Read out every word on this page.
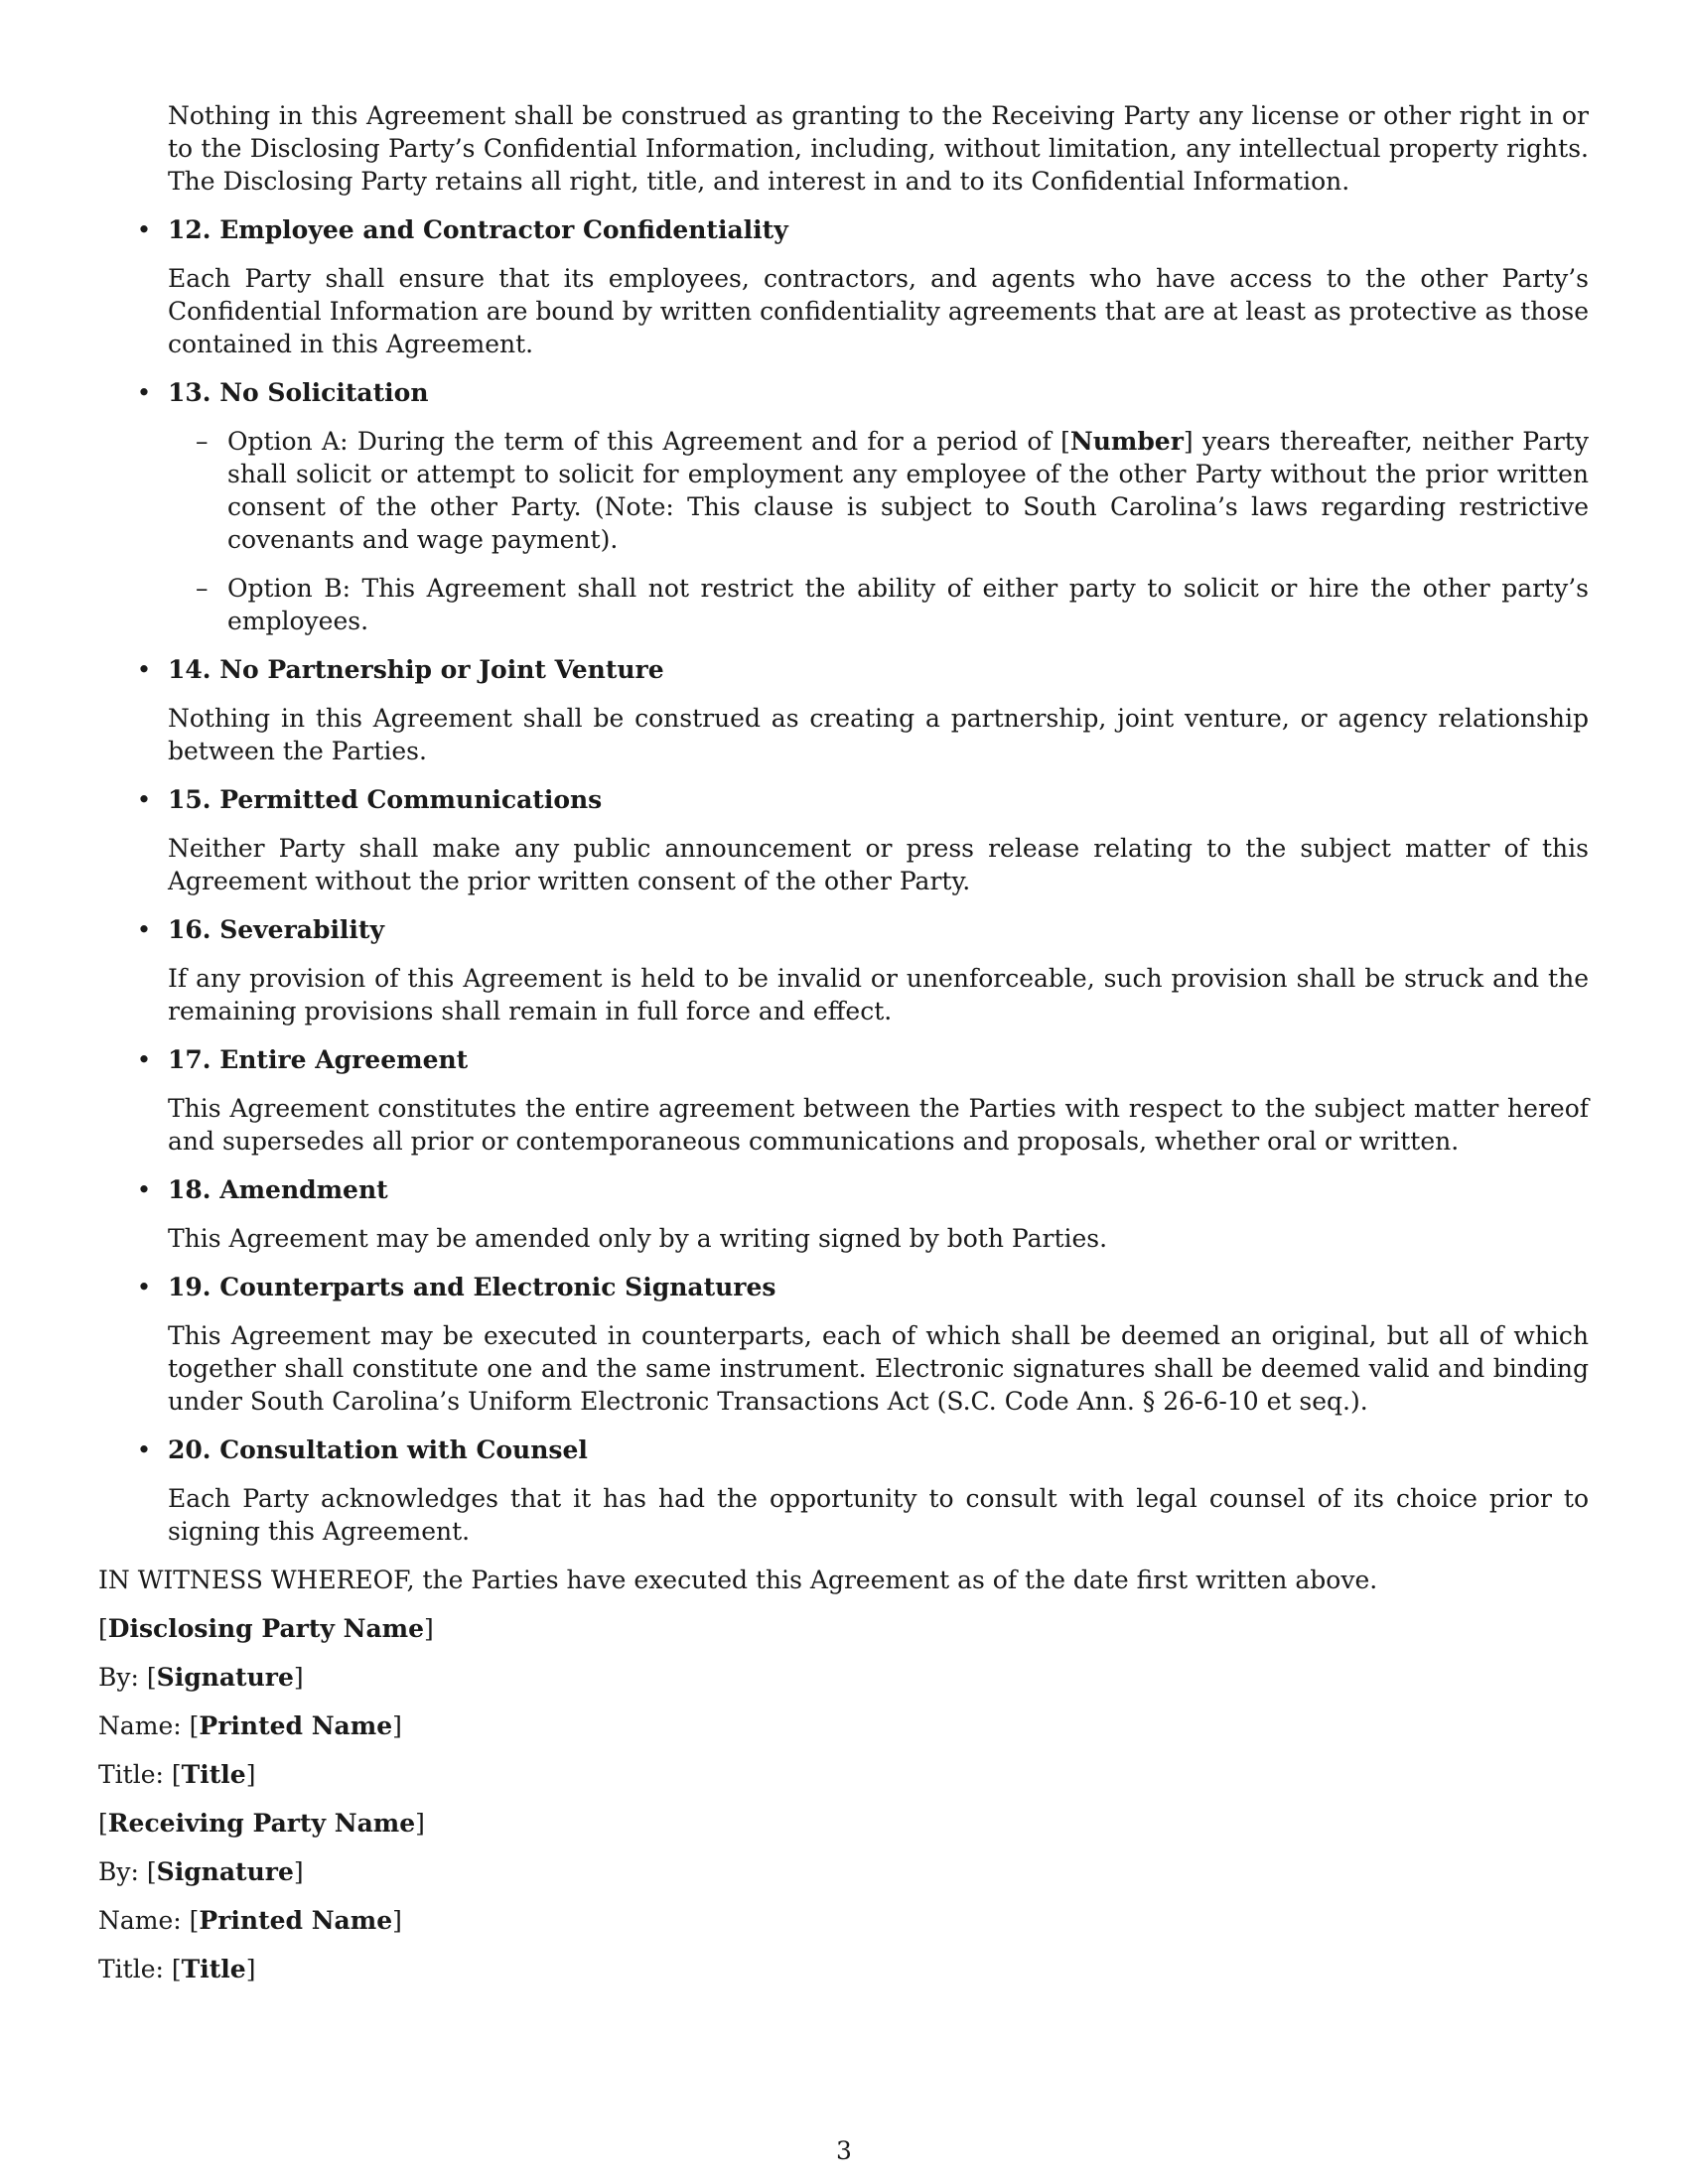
Nothing in this Agreement shall be construed as granting to the Receiving Party any license or other right in or to the Disclosing Party’s Confidential Information, including, without limitation, any intellectual property rights. The Disclosing Party retains all right, title, and interest in and to its Confidential Information.

• 12. Employee and Contractor Confidentiality

Each Party shall ensure that its employees, contractors, and agents who have access to the other Party’s Confidential Information are bound by written confidentiality agreements that are at least as protective as those contained in this Agreement.

• 13. No Solicitation

– Option A: During the term of this Agreement and for a period of [Number] years thereafter, neither Party shall solicit or attempt to solicit for employment any employee of the other Party without the prior written consent of the other Party. (Note: This clause is subject to South Carolina’s laws regarding restrictive covenants and wage payment).

– Option B: This Agreement shall not restrict the ability of either party to solicit or hire the other party’s employees.

• 14. No Partnership or Joint Venture

Nothing in this Agreement shall be construed as creating a partnership, joint venture, or agency relationship between the Parties.

• 15. Permitted Communications

Neither Party shall make any public announcement or press release relating to the subject matter of this Agreement without the prior written consent of the other Party.

• 16. Severability

If any provision of this Agreement is held to be invalid or unenforceable, such provision shall be struck and the remaining provisions shall remain in full force and effect.

• 17. Entire Agreement

This Agreement constitutes the entire agreement between the Parties with respect to the subject matter hereof and supersedes all prior or contemporaneous communications and proposals, whether oral or written.

• 18. Amendment

This Agreement may be amended only by a writing signed by both Parties.

• 19. Counterparts and Electronic Signatures

This Agreement may be executed in counterparts, each of which shall be deemed an original, but all of which together shall constitute one and the same instrument. Electronic signatures shall be deemed valid and binding under South Carolina’s Uniform Electronic Transactions Act (S.C. Code Ann. § 26-6-10 et seq.).

• 20. Consultation with Counsel

Each Party acknowledges that it has had the opportunity to consult with legal counsel of its choice prior to signing this Agreement.

IN WITNESS WHEREOF, the Parties have executed this Agreement as of the date first written above.

[Disclosing Party Name]

By: [Signature]

Name: [Printed Name]

Title: [Title]

[Receiving Party Name]

By: [Signature]

Name: [Printed Name]

Title: [Title]

3
